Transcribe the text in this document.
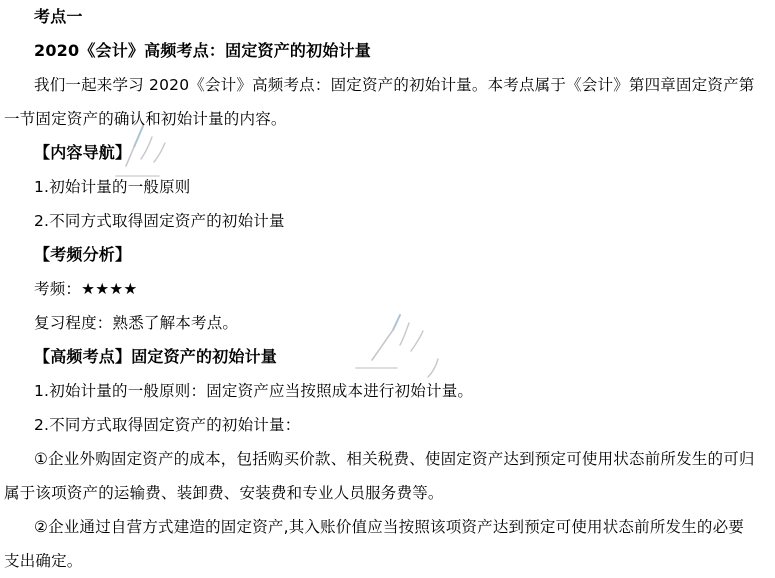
考点一
2020《会计》高频考点：固定资产的初始计量
我们一起来学习 2020《会计》高频考点：固定资产的初始计量。本考点属于《会计》第四章固定资产第
一节固定资产的确认和初始计量的内容。
【内容导航】
1.初始计量的一般原则
2.不同方式取得固定资产的初始计量
【考频分析】
考频：★★★★
复习程度：熟悉了解本考点。
【高频考点】固定资产的初始计量
1.初始计量的一般原则：固定资产应当按照成本进行初始计量。
2.不同方式取得固定资产的初始计量：
①企业外购固定资产的成本，包括购买价款、相关税费、使固定资产达到预定可使用状态前所发生的可归
属于该项资产的运输费、装卸费、安装费和专业人员服务费等。
②企业通过自营方式建造的固定资产,其入账价值应当按照该项资产达到预定可使用状态前所发生的必要
支出确定。
